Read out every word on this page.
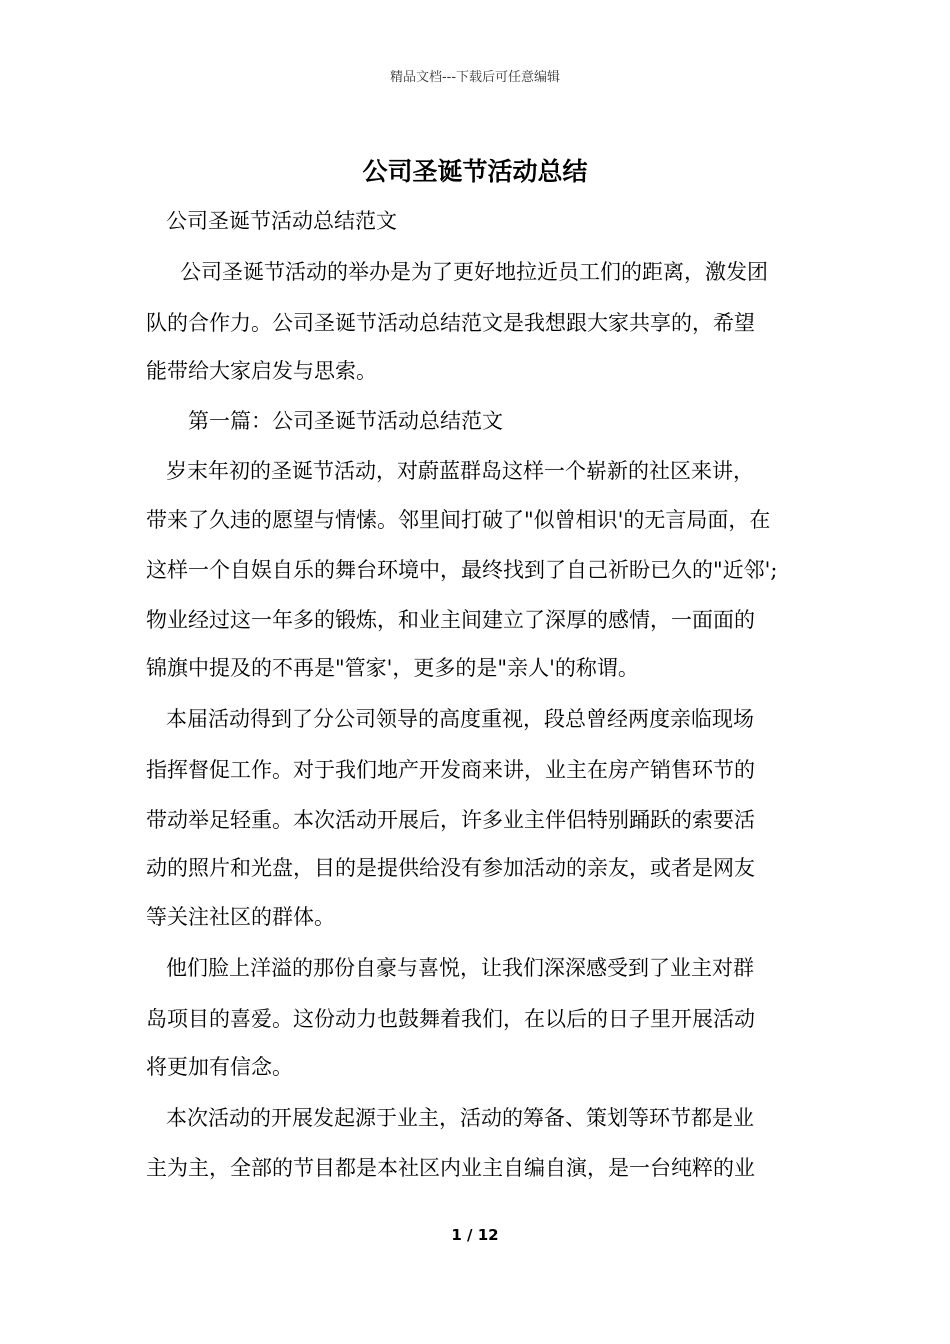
精品文档---下载后可任意编辑
公司圣诞节活动总结
公司圣诞节活动总结范文
公司圣诞节活动的举办是为了更好地拉近员工们的距离，激发团
队的合作力。公司圣诞节活动总结范文是我想跟大家共享的，希望
能带给大家启发与思索。
第一篇：公司圣诞节活动总结范文
岁末年初的圣诞节活动，对蔚蓝群岛这样一个崭新的社区来讲，
带来了久违的愿望与情愫。邻里间打破了"似曾相识'的无言局面，在
这样一个自娱自乐的舞台环境中，最终找到了自己祈盼已久的"近邻';
物业经过这一年多的锻炼，和业主间建立了深厚的感情，一面面的
锦旗中提及的不再是"管家'，更多的是"亲人'的称谓。
本届活动得到了分公司领导的高度重视，段总曾经两度亲临现场
指挥督促工作。对于我们地产开发商来讲，业主在房产销售环节的
带动举足轻重。本次活动开展后，许多业主伴侣特别踊跃的索要活
动的照片和光盘，目的是提供给没有参加活动的亲友，或者是网友
等关注社区的群体。
他们脸上洋溢的那份自豪与喜悦，让我们深深感受到了业主对群
岛项目的喜爱。这份动力也鼓舞着我们，在以后的日子里开展活动
将更加有信念。
本次活动的开展发起源于业主，活动的筹备、策划等环节都是业
主为主，全部的节目都是本社区内业主自编自演，是一台纯粹的业
1 / 12
